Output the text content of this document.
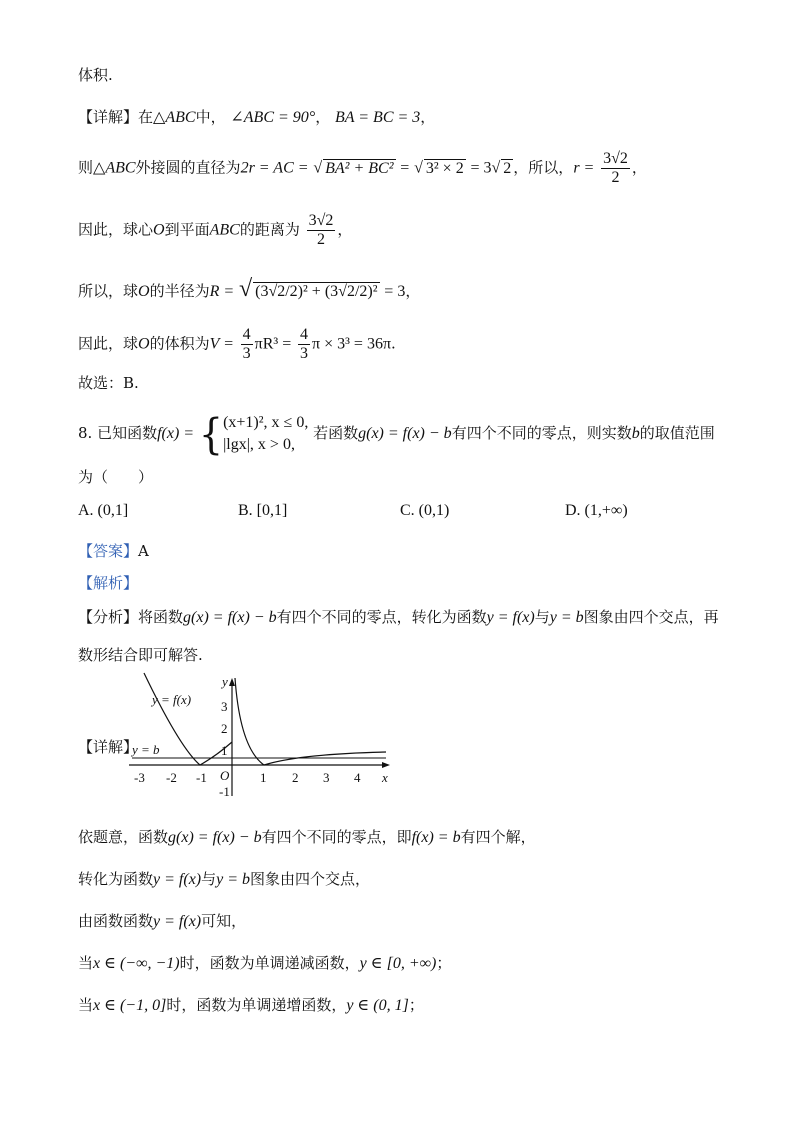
体积.
【详解】在△ABC中， ∠ABC = 90°， BA = BC = 3，
则△ABC外接圆的直径为2r = AC = √ BA² + BC² = √ 3² × 2 = 3√ 2 ，所以，$r = \frac{3√2}{2}$ ，
因此，球心O到平面ABC的距离为 $\frac{3√2}{2}$ ，
所以，球O的半径为R = √ (3√2/2)² + (3√2/2)² = 3，
因此，球O的体积为$V = \frac{4}{3} \pi R^3 = \frac{4}{3}$ π × 3³ = 36π.
故选：B.
8. 已知函数f(x) = { (x+1)², x ≤ 0,
|lgx|, x > 0,
若函数g(x) = f(x) − b有四个不同的零点，则实数b的取值范围
为（　　）
A. (0,1]	B. [0,1]	C. (0,1)	D. (1,+∞)
【答案】A
【解析】
【分析】将函数g(x) = f(x) − b有四个不同的零点，转化为函数y = f(x)与y = b图象由四个交点，再
数形结合即可解答.
【详解】
-3 -2 -1	1 2 3 4
3
2
1
-1
O
y
x
y = f(x)
y = b
依题意，函数g(x) = f(x) − b有四个不同的零点，即f(x) = b有四个解，
转化为函数y = f(x)与y = b图象由四个交点，
由函数函数y = f(x)可知，
当x ∈ (−∞, −1)时，函数为单调递减函数，y ∈ [0, +∞)；
当x ∈ (−1, 0]时，函数为单调递增函数，y ∈ (0, 1]；
